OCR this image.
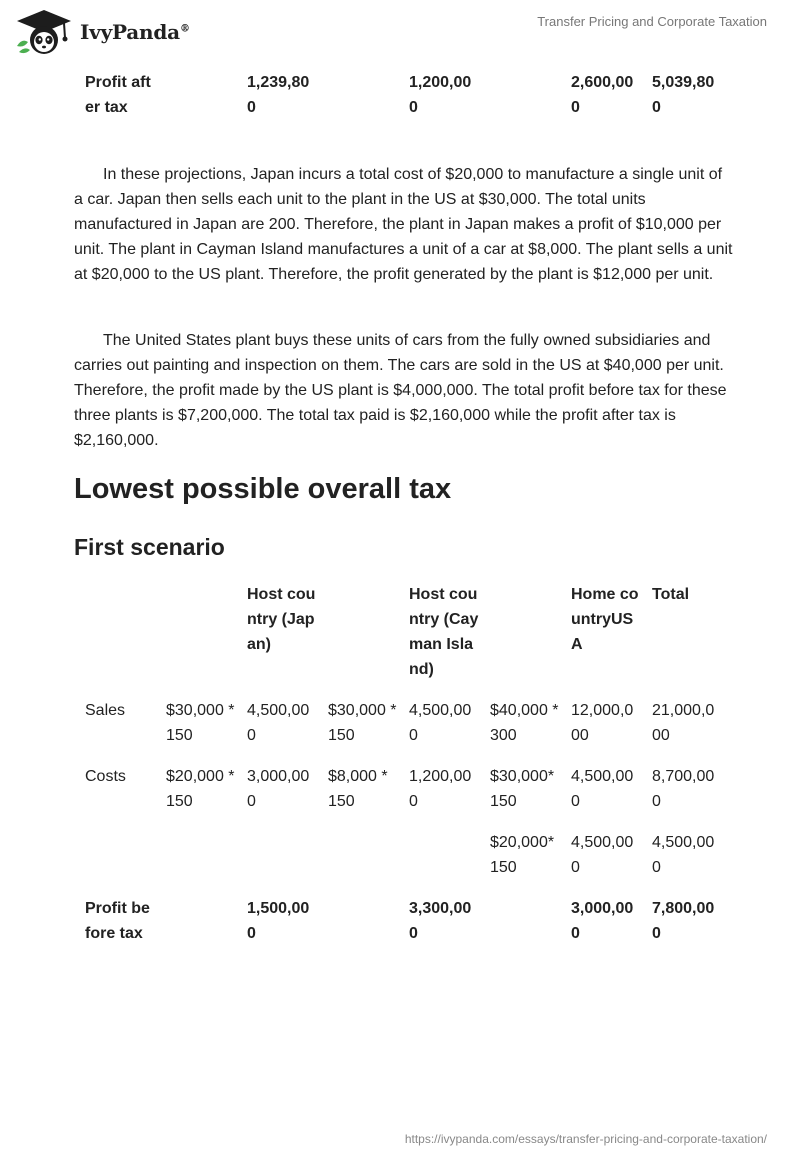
IvyPanda®	Transfer Pricing and Corporate Taxation
Profit after tax		1,239,800		1,200,000		2,600,000	5,039,800

In these projections, Japan incurs a total cost of $20,000 to manufacture a single unit of a car. Japan then sells each unit to the plant in the US at $30,000. The total units manufactured in Japan are 200. Therefore, the plant in Japan makes a profit of $10,000 per unit. The plant in Cayman Island manufactures a unit of a car at $8,000. The plant sells a unit at $20,000 to the US plant. Therefore, the profit generated by the plant is $12,000 per unit.

The United States plant buys these units of cars from the fully owned subsidiaries and carries out painting and inspection on them. The cars are sold in the US at $40,000 per unit. Therefore, the profit made by the US plant is $4,000,000. The total profit before tax for these three plants is $7,200,000. The total tax paid is $2,160,000 while the profit after tax is $2,160,000.

Lowest possible overall tax
First scenario
		Host country (Japan)		Host country (Cayman Island)		Home countryUSA	Total
Sales	$30,000 * 150	4,500,000	$30,000 * 150	4,500,000	$40,000 * 300	12,000,000	21,000,000
Costs	$20,000 * 150	3,000,000	$8,000 * 150	1,200,000	$30,000*150	4,500,000	8,700,000
					$20,000*150	4,500,000	4,500,000
Profit before tax		1,500,000		3,300,000		3,000,000	7,800,000
https://ivypanda.com/essays/transfer-pricing-and-corporate-taxation/
